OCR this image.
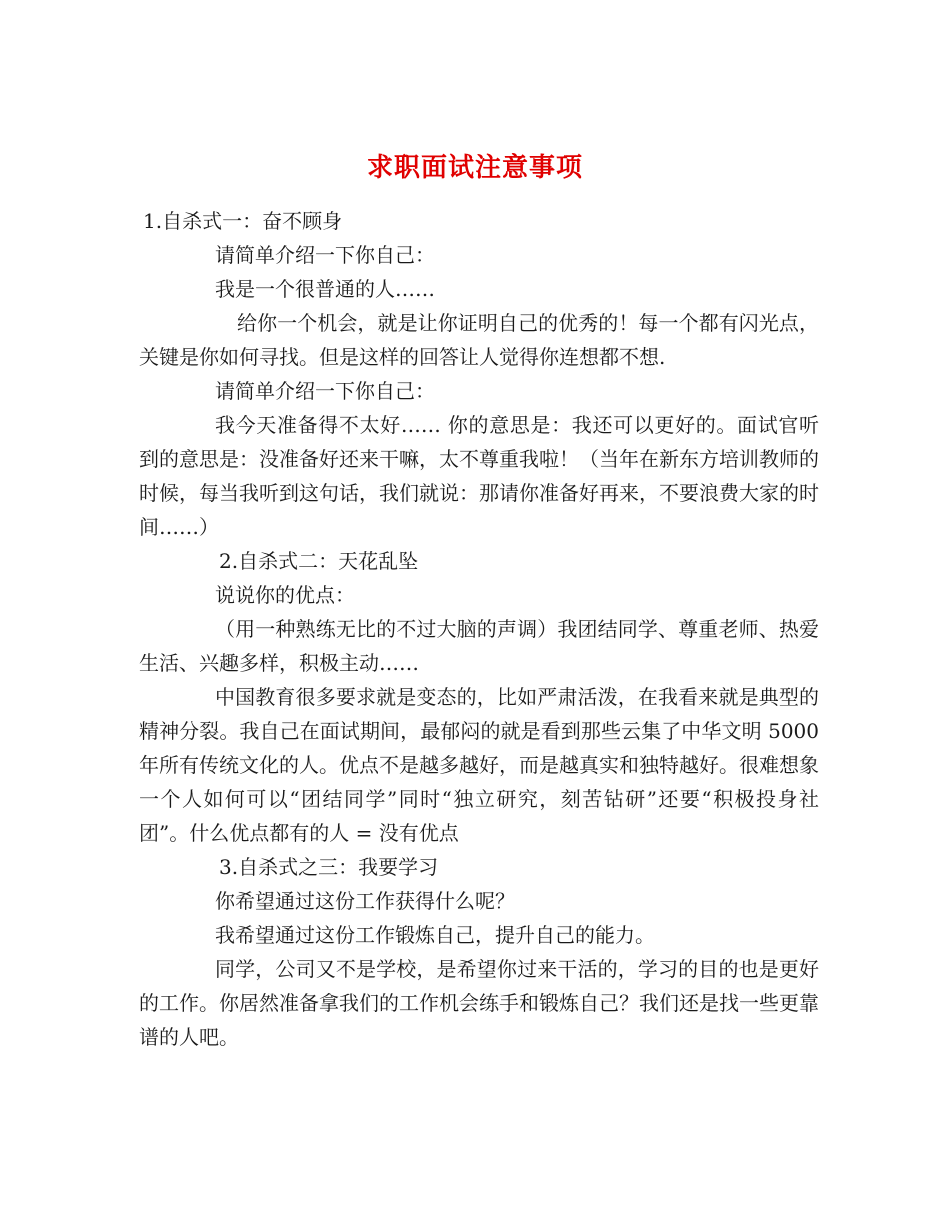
求职面试注意事项

1.自杀式一：奋不顾身

请简单介绍一下你自己：

我是一个很普通的人……

给你一个机会，就是让你证明自己的优秀的！每一个都有闪光点，关键是你如何寻找。但是这样的回答让人觉得你连想都不想.

请简单介绍一下你自己：

我今天准备得不太好…… 你的意思是：我还可以更好的。面试官听到的意思是：没准备好还来干嘛，太不尊重我啦！（当年在新东方培训教师的时候，每当我听到这句话，我们就说：那请你准备好再来，不要浪费大家的时间……）

2.自杀式二：天花乱坠

说说你的优点：

（用一种熟练无比的不过大脑的声调）我团结同学、尊重老师、热爱生活、兴趣多样，积极主动……

中国教育很多要求就是变态的，比如严肃活泼，在我看来就是典型的精神分裂。我自己在面试期间，最郁闷的就是看到那些云集了中华文明 5000年所有传统文化的人。优点不是越多越好，而是越真实和独特越好。很难想象一个人如何可以“团结同学”同时“独立研究，刻苦钻研”还要“积极投身社 团”。什么优点都有的人 = 没有优点

3.自杀式之三：我要学习

你希望通过这份工作获得什么呢？

我希望通过这份工作锻炼自己，提升自己的能力。

同学，公司又不是学校，是希望你过来干活的，学习的目的也是更好的工作。你居然准备拿我们的工作机会练手和锻炼自己？我们还是找一些更靠谱的人吧。
